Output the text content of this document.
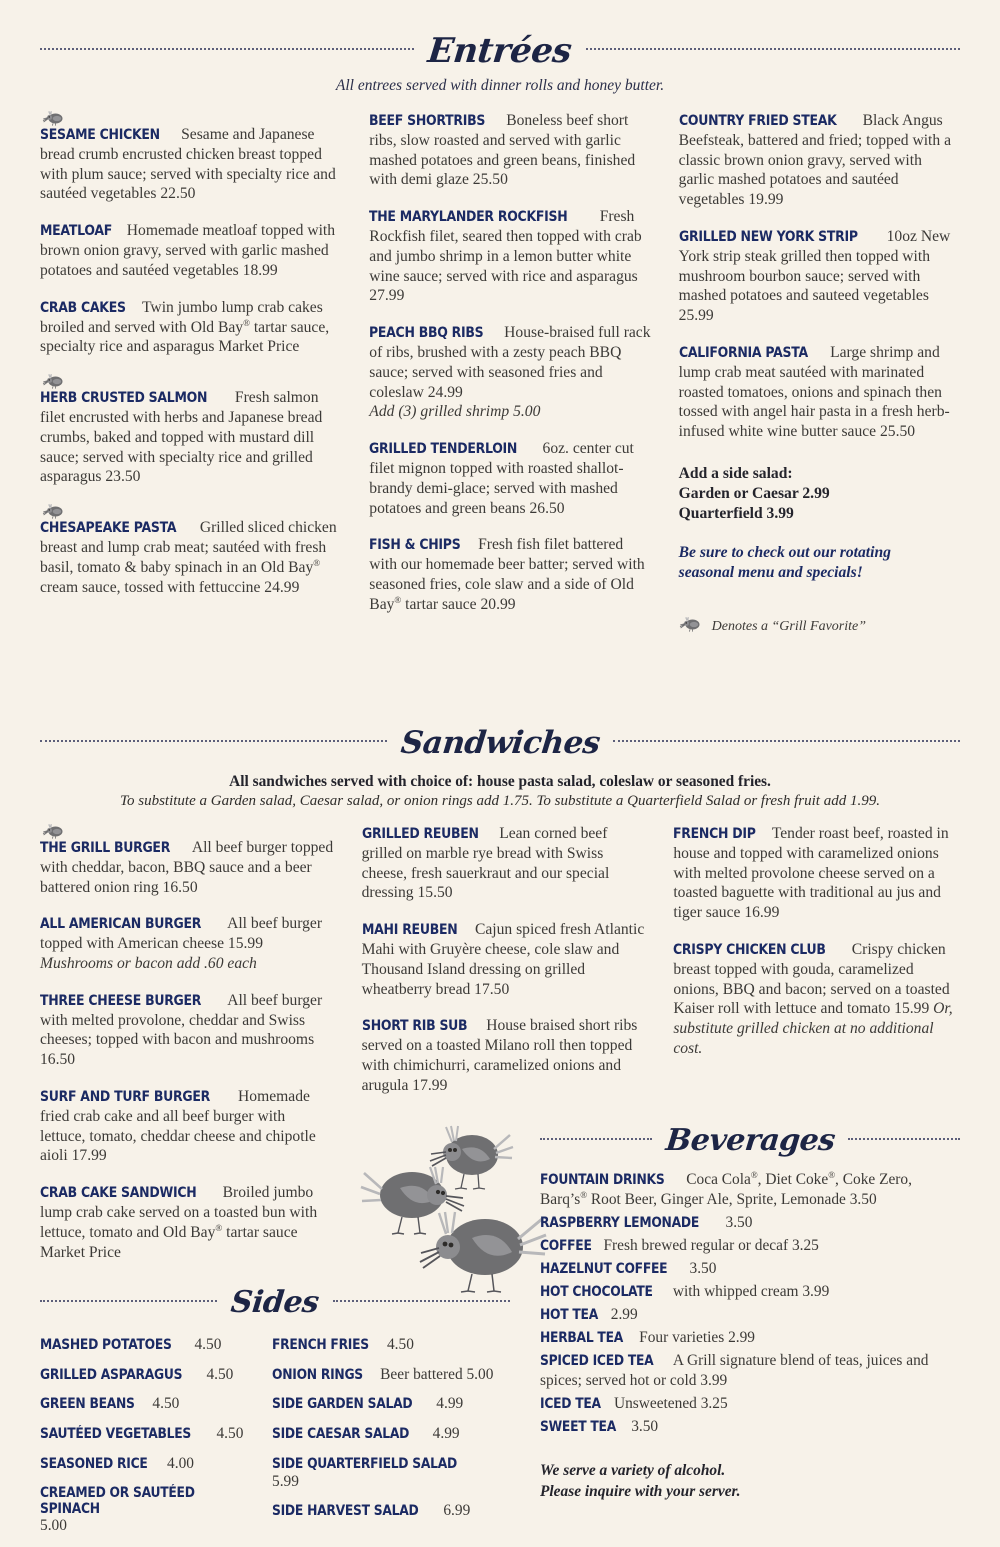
Entrées
All entrees served with dinner rolls and honey butter.
SESAME CHICKEN Sesame and Japanese bread crumb encrusted chicken breast topped with plum sauce; served with specialty rice and sautéed vegetables 22.50
MEATLOAF Homemade meatloaf topped with brown onion gravy, served with garlic mashed potatoes and sautéed vegetables 18.99
CRAB CAKES Twin jumbo lump crab cakes broiled and served with Old Bay® tartar sauce, specialty rice and asparagus Market Price
HERB CRUSTED SALMON Fresh salmon filet encrusted with herbs and Japanese bread crumbs, baked and topped with mustard dill sauce; served with specialty rice and grilled asparagus 23.50
CHESAPEAKE PASTA Grilled sliced chicken breast and lump crab meat; sautéed with fresh basil, tomato & baby spinach in an Old Bay® cream sauce, tossed with fettuccine 24.99
BEEF SHORTRIBS Boneless beef short ribs, slow roasted and served with garlic mashed potatoes and green beans, finished with demi glaze 25.50
THE MARYLANDER ROCKFISH Fresh Rockfish filet, seared then topped with crab and jumbo shrimp in a lemon butter white wine sauce; served with rice and asparagus 27.99
PEACH BBQ RIBS House-braised full rack of ribs, brushed with a zesty peach BBQ sauce; served with seasoned fries and coleslaw 24.99
Add (3) grilled shrimp 5.00
GRILLED TENDERLOIN 6oz. center cut filet mignon topped with roasted shallot-brandy demi-glace; served with mashed potatoes and green beans 26.50
FISH & CHIPS Fresh fish filet battered with our homemade beer batter; served with seasoned fries, cole slaw and a side of Old Bay® tartar sauce 20.99
COUNTRY FRIED STEAK Black Angus Beefsteak, battered and fried; topped with a classic brown onion gravy, served with garlic mashed potatoes and sautéed vegetables 19.99
GRILLED NEW YORK STRIP 10oz New York strip steak grilled then topped with mushroom bourbon sauce; served with mashed potatoes and sauteed vegetables 25.99
CALIFORNIA PASTA Large shrimp and lump crab meat sautéed with marinated roasted tomatoes, onions and spinach then tossed with angel hair pasta in a fresh herb-infused white wine butter sauce 25.50
Add a side salad:
Garden or Caesar 2.99
Quarterfield 3.99
Be sure to check out our rotating
seasonal menu and specials!
Denotes a “Grill Favorite”
Sandwiches
All sandwiches served with choice of: house pasta salad, coleslaw or seasoned fries.
To substitute a Garden salad, Caesar salad, or onion rings add 1.75. To substitute a Quarterfield Salad or fresh fruit add 1.99.
THE GRILL BURGER All beef burger topped with cheddar, bacon, BBQ sauce and a beer battered onion ring 16.50
ALL AMERICAN BURGER All beef burger topped with American cheese 15.99 Mushrooms or bacon add .60 each
THREE CHEESE BURGER All beef burger with melted provolone, cheddar and Swiss cheeses; topped with bacon and mushrooms 16.50
SURF AND TURF BURGER Homemade fried crab cake and all beef burger with lettuce, tomato, cheddar cheese and chipotle aioli 17.99
CRAB CAKE SANDWICH Broiled jumbo lump crab cake served on a toasted bun with lettuce, tomato and Old Bay® tartar sauce Market Price
GRILLED REUBEN Lean corned beef grilled on marble rye bread with Swiss cheese, fresh sauerkraut and our special dressing 15.50
MAHI REUBEN Cajun spiced fresh Atlantic Mahi with Gruyère cheese, cole slaw and Thousand Island dressing on grilled wheatberry bread 17.50
SHORT RIB SUB House braised short ribs served on a toasted Milano roll then topped with chimichurri, caramelized onions and arugula 17.99
FRENCH DIP Tender roast beef, roasted in house and topped with caramelized onions with melted provolone cheese served on a toasted baguette with traditional au jus and tiger sauce 16.99
CRISPY CHICKEN CLUB Crispy chicken breast topped with gouda, caramelized onions, BBQ and bacon; served on a toasted Kaiser roll with lettuce and tomato 15.99 Or, substitute grilled chicken at no additional cost.
Sides
MASHED POTATOES 4.50
GRILLED ASPARAGUS 4.50
GREEN BEANS 4.50
SAUTÉED VEGETABLES 4.50
SEASONED RICE 4.00
CREAMED OR SAUTÉED SPINACH 5.00
FRENCH FRIES 4.50
ONION RINGS Beer battered 5.00
SIDE GARDEN SALAD 4.99
SIDE CAESAR SALAD 4.99
SIDE QUARTERFIELD SALAD 5.99
SIDE HARVEST SALAD 6.99
Beverages
FOUNTAIN DRINKS Coca Cola®, Diet Coke®, Coke Zero, Barq’s® Root Beer, Ginger Ale, Sprite, Lemonade 3.50
RASPBERRY LEMONADE 3.50
COFFEE Fresh brewed regular or decaf 3.25
HAZELNUT COFFEE 3.50
HOT CHOCOLATE with whipped cream 3.99
HOT TEA 2.99
HERBAL TEA Four varieties 2.99
SPICED ICED TEA A Grill signature blend of teas, juices and spices; served hot or cold 3.99
ICED TEA Unsweetened 3.25
SWEET TEA 3.50
We serve a variety of alcohol.
Please inquire with your server.
